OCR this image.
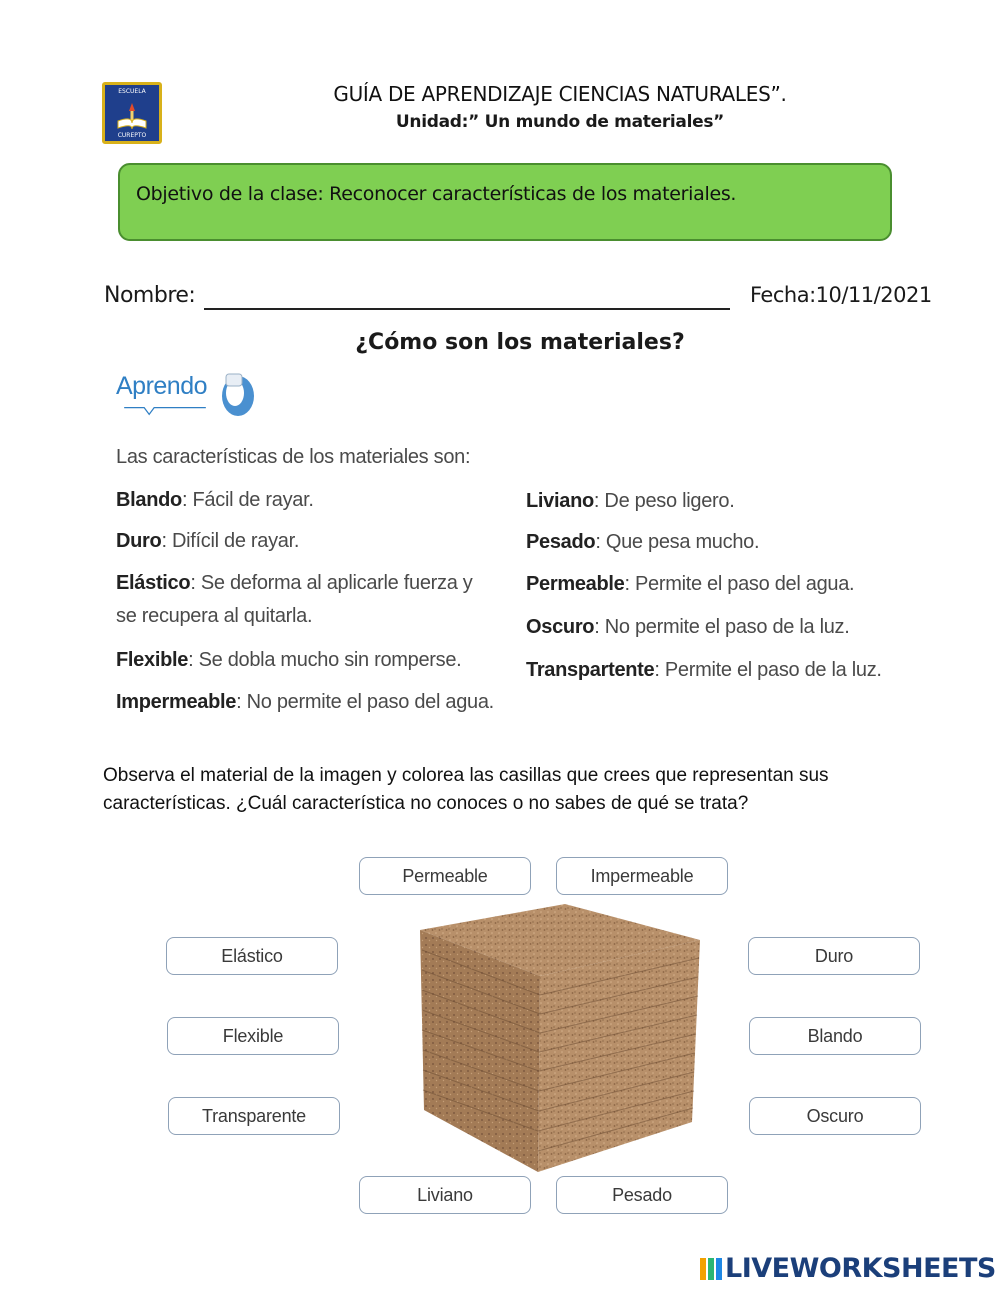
ESCUELA
CUREPTO
GUÍA DE APRENDIZAJE CIENCIAS NATURALES”.
Unidad:” Un mundo de materiales”
Objetivo de la clase: Reconocer características de los materiales.
Nombre:	Fecha:10/11/2021
¿Cómo son los materiales?
Aprendo
Las características de los materiales son:
Blando: Fácil de rayar.
Duro: Difícil de rayar.
Elástico: Se deforma al aplicarle fuerza y se recupera al quitarla.
Flexible: Se dobla mucho sin romperse.
Impermeable: No permite el paso del agua.
Liviano: De peso ligero.
Pesado: Que pesa mucho.
Permeable: Permite el paso del agua.
Oscuro: No permite el paso de la luz.
Transpartente: Permite el paso de la luz.
Observa el material de la imagen y colorea las casillas que crees que representan sus características. ¿Cuál característica no conoces o no sabes de qué se trata?
Permeable	Impermeable
Elástico
Flexible
Transparente
Duro
Blando
Oscuro
Liviano	Pesado
LIVEWORKSHEETS
